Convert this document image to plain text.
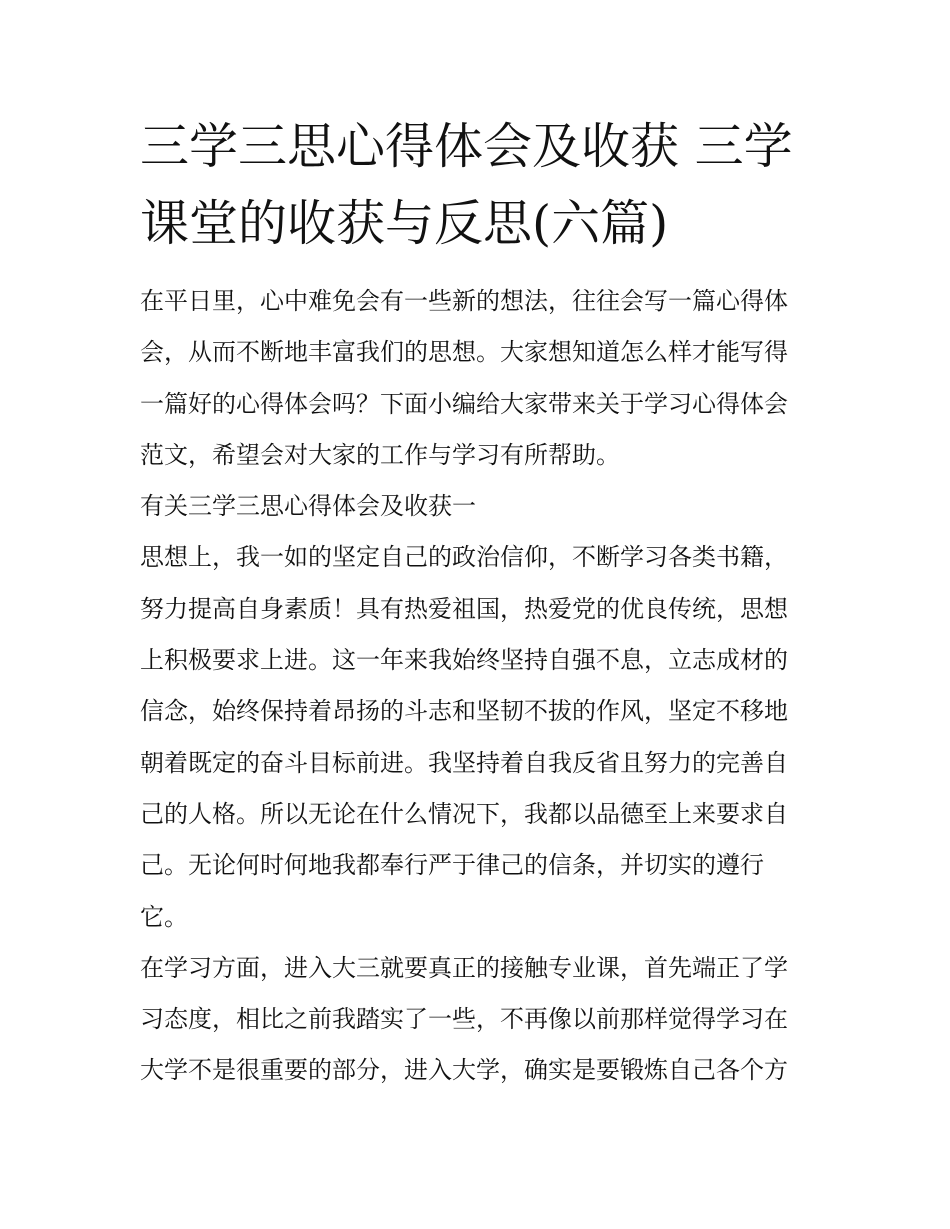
三学三思心得体会及收获 三学
课堂的收获与反思(六篇)
在平日里，心中难免会有一些新的想法，往往会写一篇心得体
会，从而不断地丰富我们的思想。大家想知道怎么样才能写得
一篇好的心得体会吗？下面小编给大家带来关于学习心得体会
范文，希望会对大家的工作与学习有所帮助。
有关三学三思心得体会及收获一
思想上，我一如的坚定自己的政治信仰，不断学习各类书籍，
努力提高自身素质！具有热爱祖国，热爱党的优良传统，思想
上积极要求上进。这一年来我始终坚持自强不息，立志成材的
信念，始终保持着昂扬的斗志和坚韧不拔的作风，坚定不移地
朝着既定的奋斗目标前进。我坚持着自我反省且努力的完善自
己的人格。所以无论在什么情况下，我都以品德至上来要求自
己。无论何时何地我都奉行严于律己的信条，并切实的遵行
它。
在学习方面，进入大三就要真正的接触专业课，首先端正了学
习态度，相比之前我踏实了一些，不再像以前那样觉得学习在
大学不是很重要的部分，进入大学，确实是要锻炼自己各个方
